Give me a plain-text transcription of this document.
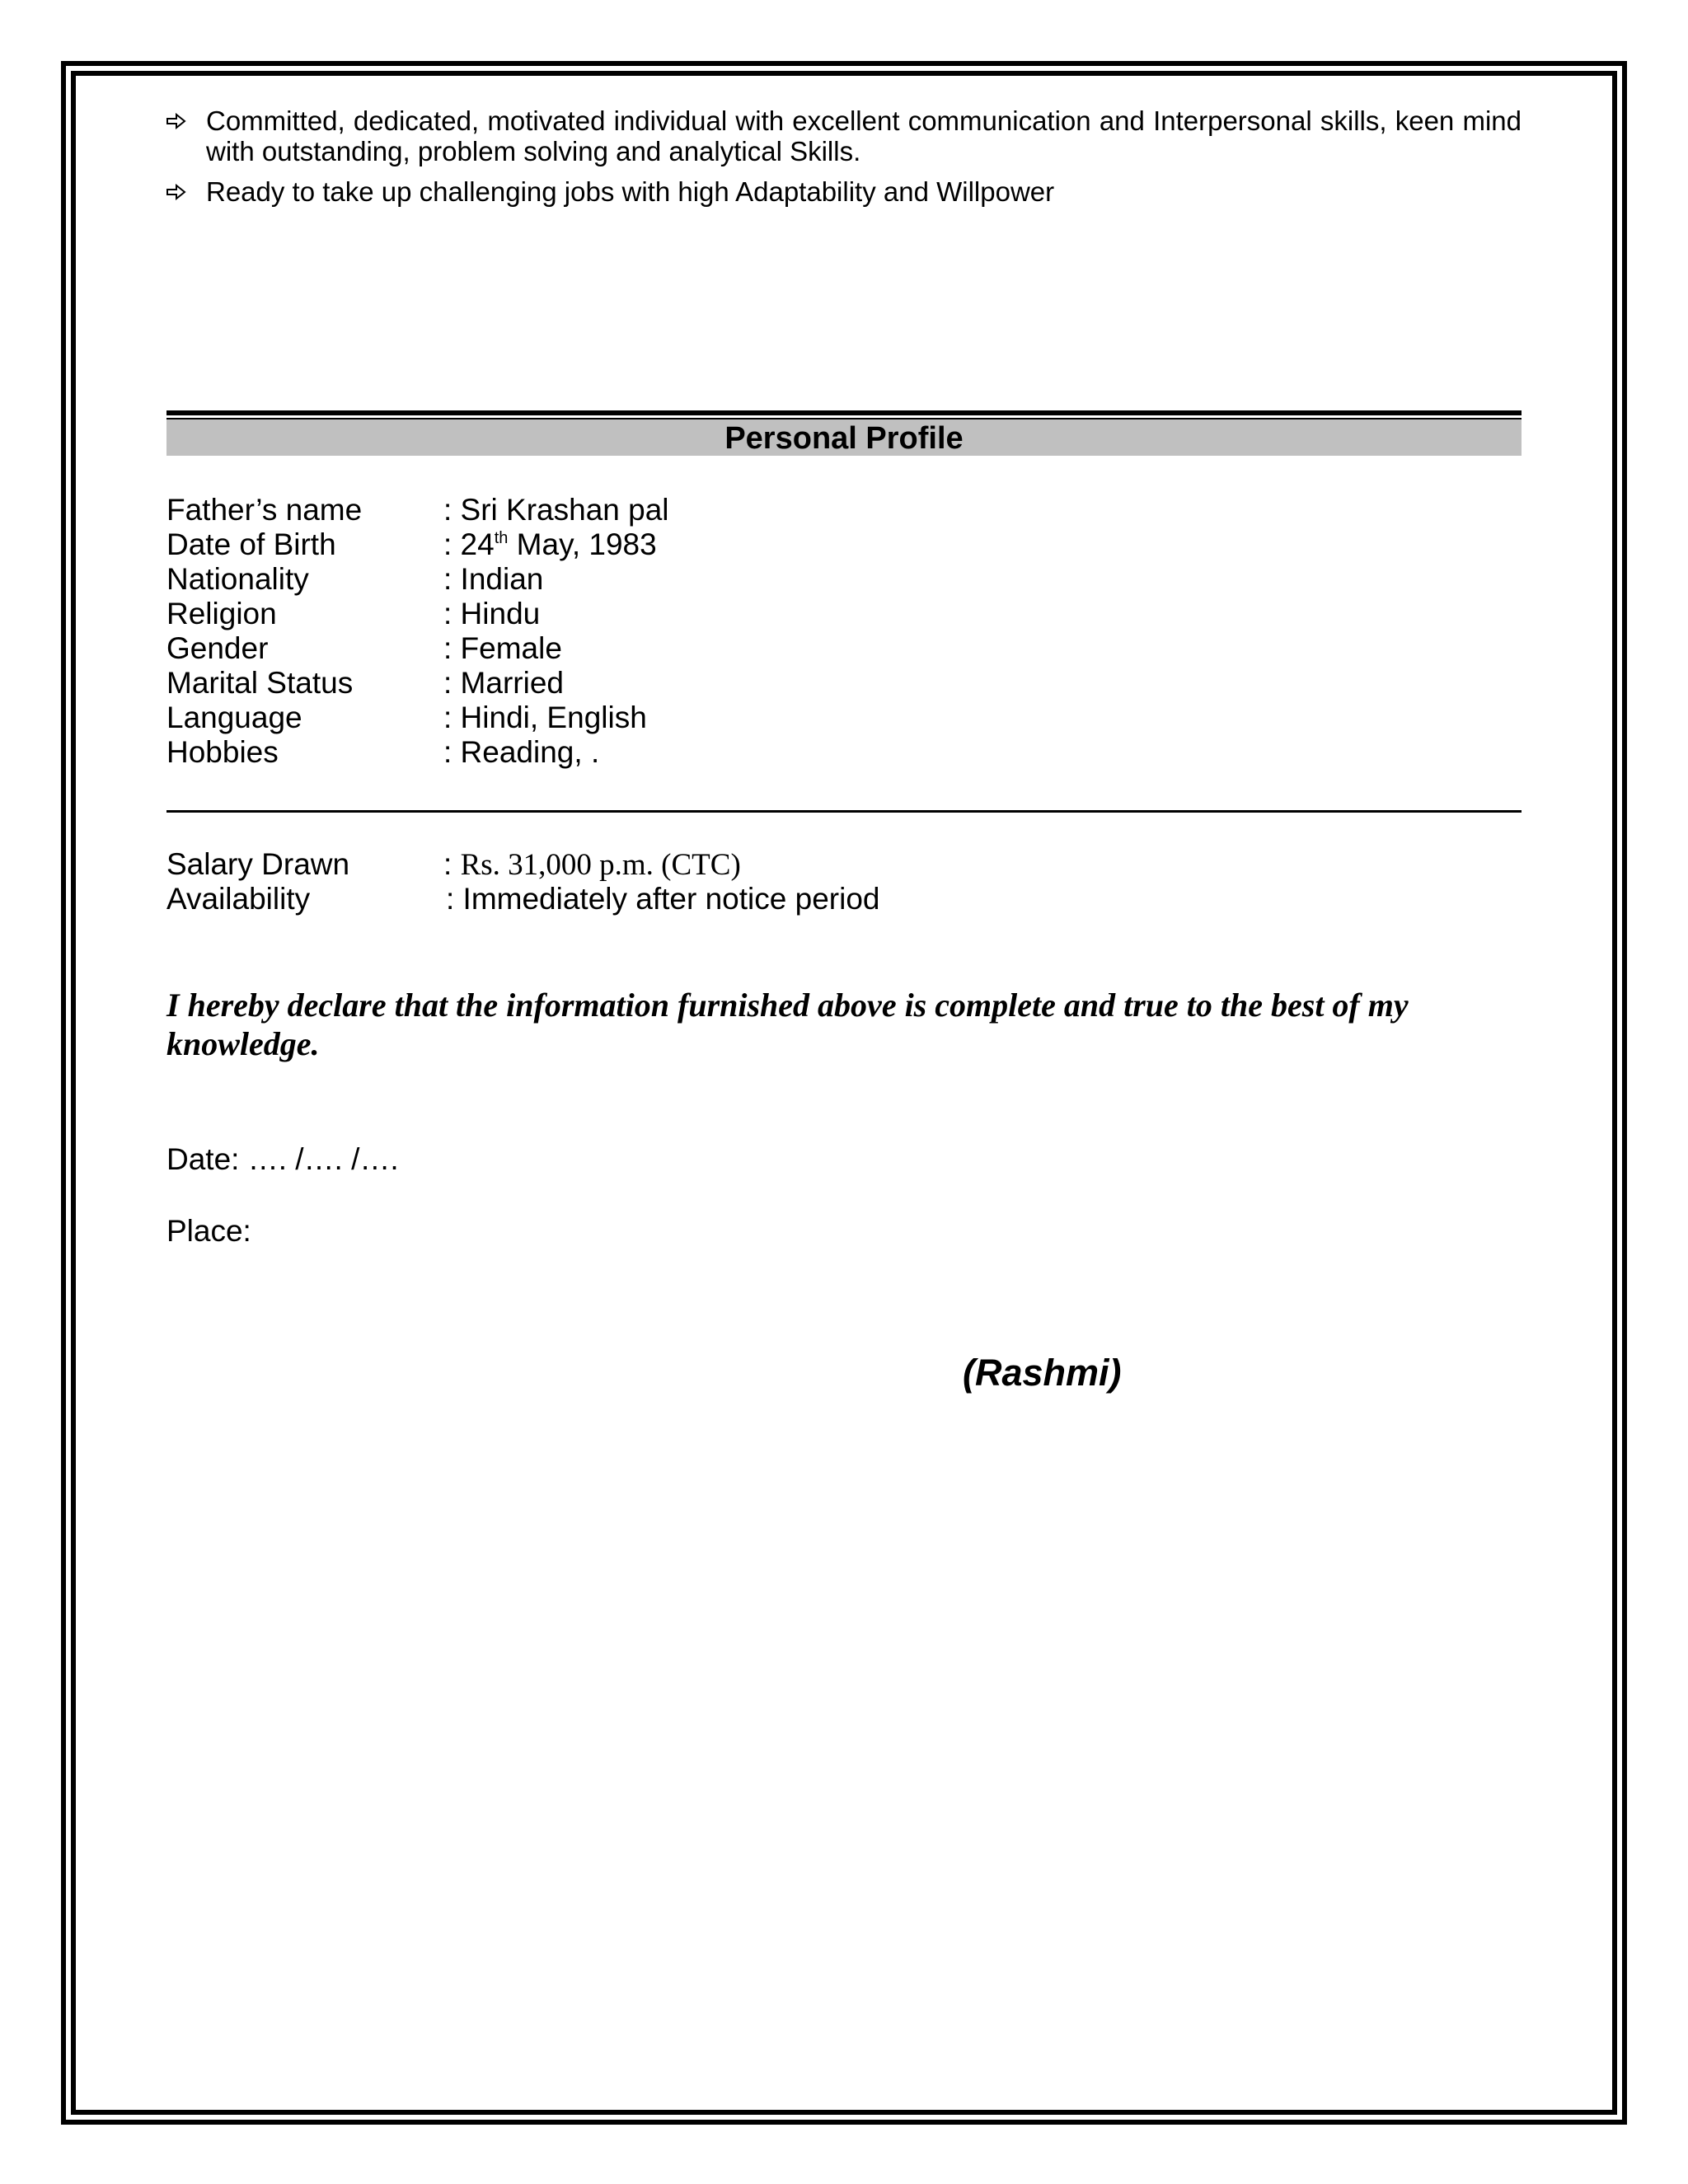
Committed, dedicated, motivated individual with excellent communication and Interpersonal skills, keen mind with outstanding, problem solving and analytical Skills.
Ready to take up challenging jobs with high Adaptability and Willpower
Personal Profile
Father’s name	: Sri Krashan pal
Date of Birth	: 24th May, 1983
Nationality	: Indian
Religion	: Hindu
Gender	: Female
Marital Status	: Married
Language	: Hindi, English
Hobbies	: Reading, .
Salary Drawn	: Rs. 31,000 p.m. (CTC)
Availability	: Immediately after notice period
I hereby declare that the information furnished above is complete and true to the best of my knowledge.
Date: …. /…. /….
Place:
(Rashmi)
